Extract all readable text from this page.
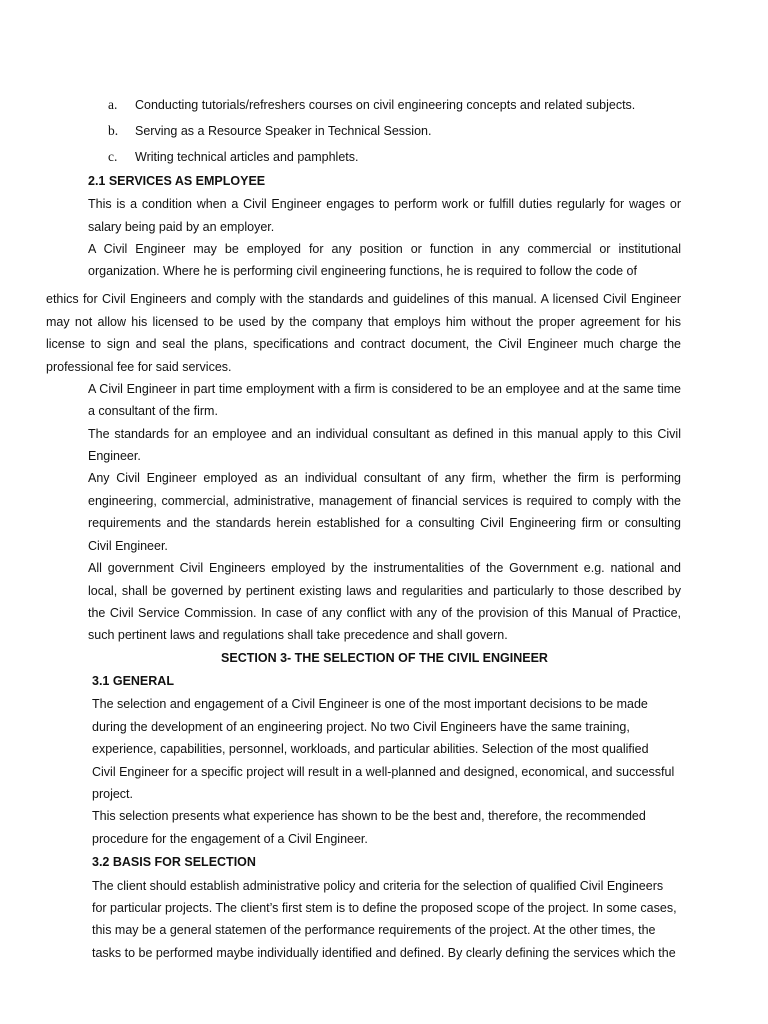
a. Conducting tutorials/refreshers courses on civil engineering concepts and related subjects.
b. Serving as a Resource Speaker in Technical Session.
c. Writing technical articles and pamphlets.
2.1 SERVICES AS EMPLOYEE
This is a condition when a Civil Engineer engages to perform work or fulfill duties regularly for wages or
salary being paid by an employer.
A Civil Engineer may be employed for any position or function in any commercial or institutional
organization. Where he is performing civil engineering functions, he is required to follow the code of
ethics for Civil Engineers and comply with the standards and guidelines of this manual. A licensed Civil Engineer
may not allow his licensed to be used by the company that employs him without the proper agreement for his
license to sign and seal the plans, specifications and contract document, the Civil Engineer much charge the
professional fee for said services.
A Civil Engineer in part time employment with a firm is considered to be an employee and at the same time
a consultant of the firm.
The standards for an employee and an individual consultant as defined in this manual apply to this Civil
Engineer.
Any Civil Engineer employed as an individual consultant of any firm, whether the firm is performing
engineering, commercial, administrative, management of financial services is required to comply with the
requirements and the standards herein established for a consulting Civil Engineering firm or consulting
Civil Engineer.
All government Civil Engineers employed by the instrumentalities of the Government e.g. national and
local, shall be governed by pertinent existing laws and regularities and particularly to those described by
the Civil Service Commission. In case of any conflict with any of the provision of this Manual of Practice,
such pertinent laws and regulations shall take precedence and shall govern.
SECTION 3- THE SELECTION OF THE CIVIL ENGINEER
3.1 GENERAL
The selection and engagement of a Civil Engineer is one of the most important decisions to be made
during the development of an engineering project. No two Civil Engineers have the same training,
experience, capabilities, personnel, workloads, and particular abilities. Selection of the most qualified
Civil Engineer for a specific project will result in a well-planned and designed, economical, and successful
project.
This selection presents what experience has shown to be the best and, therefore, the recommended
procedure for the engagement of a Civil Engineer.
3.2 BASIS FOR SELECTION
The client should establish administrative policy and criteria for the selection of qualified Civil Engineers
for particular projects. The client’s first stem is to define the proposed scope of the project. In some cases,
this may be a general statemen of the performance requirements of the project. At the other times, the
tasks to be performed maybe individually identified and defined. By clearly defining the services which the
